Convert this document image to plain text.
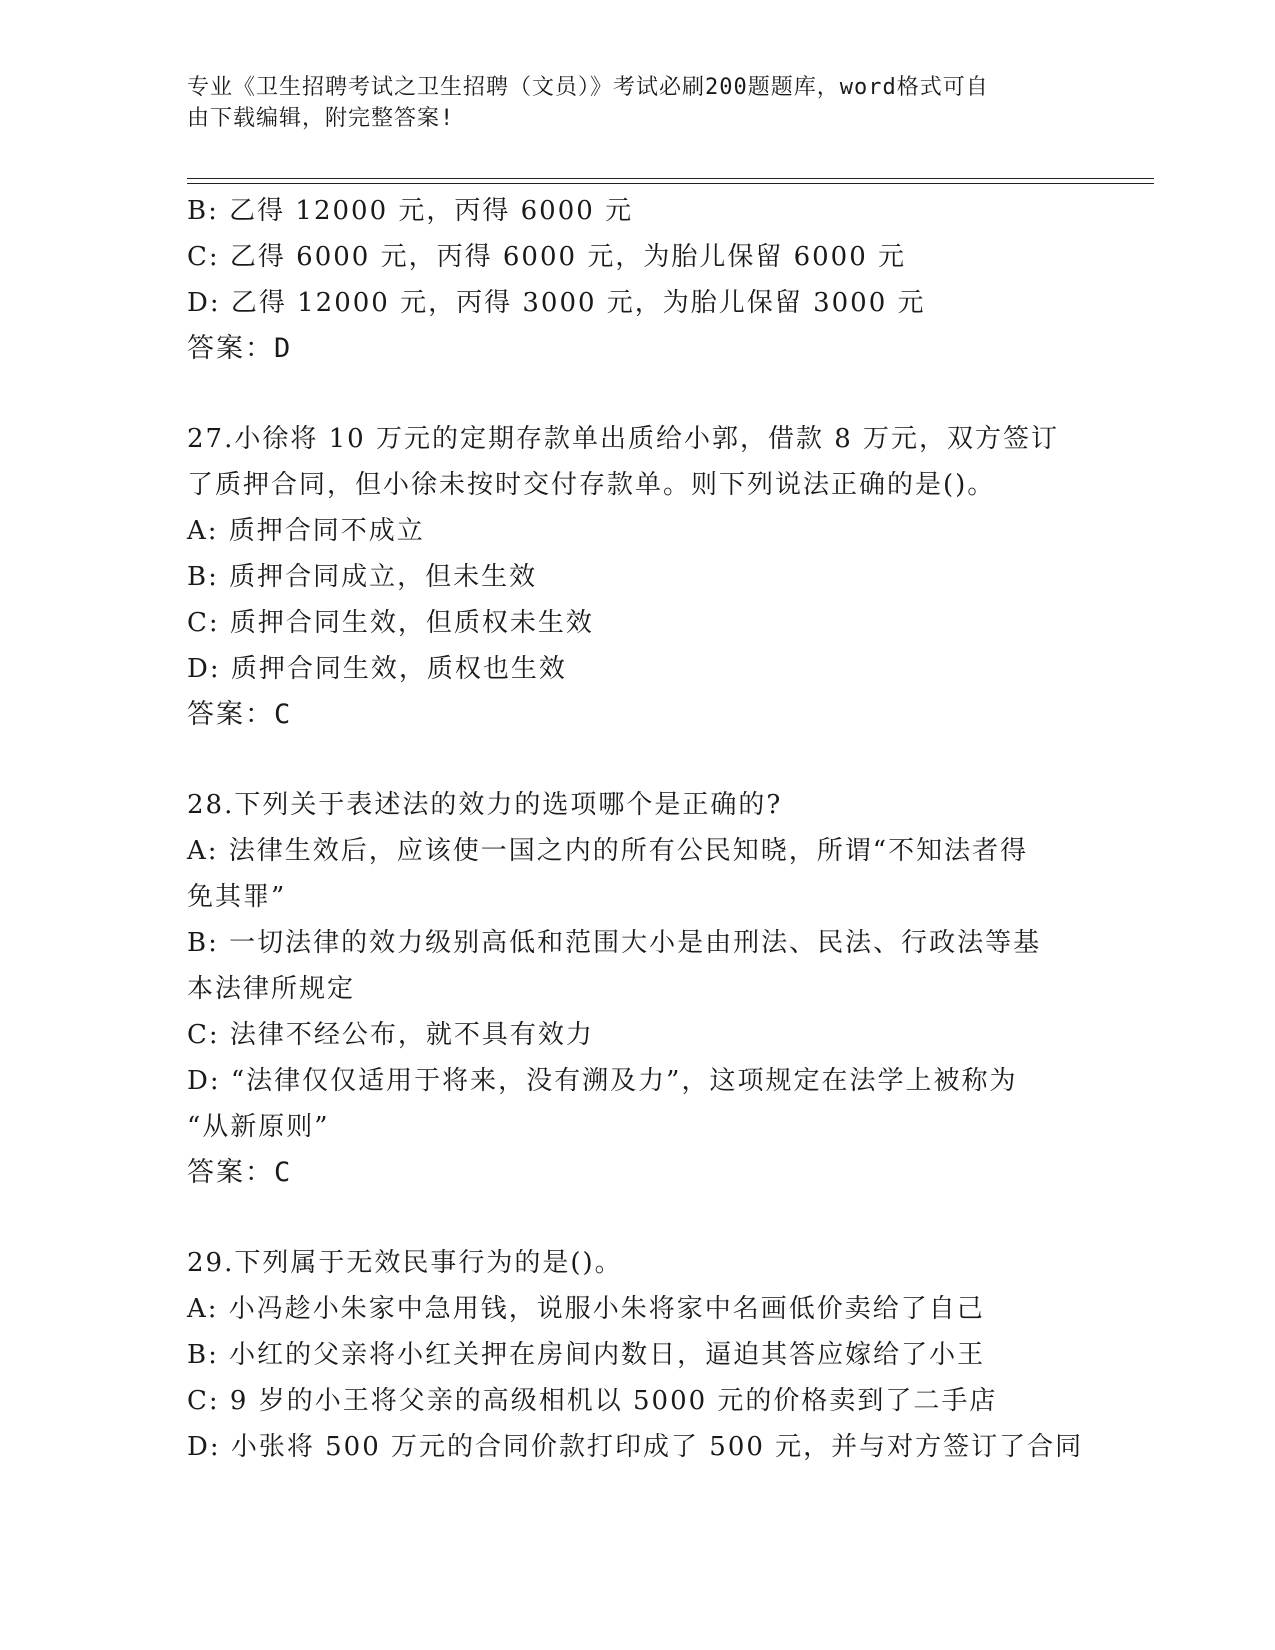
专业《卫生招聘考试之卫生招聘（文员）》考试必刷200题题库，word格式可自
由下载编辑，附完整答案!
B: 乙得 12000 元，丙得 6000 元
C: 乙得 6000 元，丙得 6000 元，为胎儿保留 6000 元
D: 乙得 12000 元，丙得 3000 元，为胎儿保留 3000 元
答案：D
27.小徐将 10 万元的定期存款单出质给小郭，借款 8 万元，双方签订
了质押合同，但小徐未按时交付存款单。则下列说法正确的是()。
A: 质押合同不成立
B: 质押合同成立，但未生效
C: 质押合同生效，但质权未生效
D: 质押合同生效，质权也生效
答案：C
28.下列关于表述法的效力的选项哪个是正确的?
A: 法律生效后，应该使一国之内的所有公民知晓，所谓“不知法者得
免其罪”
B: 一切法律的效力级别高低和范围大小是由刑法、民法、行政法等基
本法律所规定
C: 法律不经公布，就不具有效力
D: “法律仅仅适用于将来，没有溯及力”，这项规定在法学上被称为
“从新原则”
答案：C
29.下列属于无效民事行为的是()。
A: 小冯趁小朱家中急用钱，说服小朱将家中名画低价卖给了自己
B: 小红的父亲将小红关押在房间内数日，逼迫其答应嫁给了小王
C: 9 岁的小王将父亲的高级相机以 5000 元的价格卖到了二手店
D: 小张将 500 万元的合同价款打印成了 500 元，并与对方签订了合同
